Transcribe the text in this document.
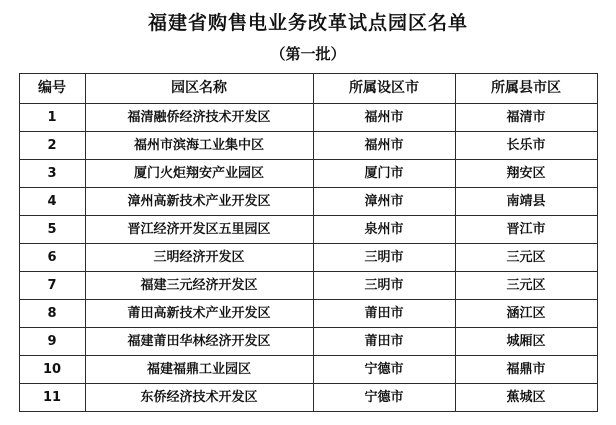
福建省购售电业务改革试点园区名单
（第一批）
编号	园区名称	所属设区市	所属县市区
1	福清融侨经济技术开发区	福州市	福清市
2	福州市滨海工业集中区	福州市	长乐市
3	厦门火炬翔安产业园区	厦门市	翔安区
4	漳州高新技术产业开发区	漳州市	南靖县
5	晋江经济开发区五里园区	泉州市	晋江市
6	三明经济开发区	三明市	三元区
7	福建三元经济开发区	三明市	三元区
8	莆田高新技术产业开发区	莆田市	涵江区
9	福建莆田华林经济开发区	莆田市	城厢区
10	福建福鼎工业园区	宁德市	福鼎市
11	东侨经济技术开发区	宁德市	蕉城区
